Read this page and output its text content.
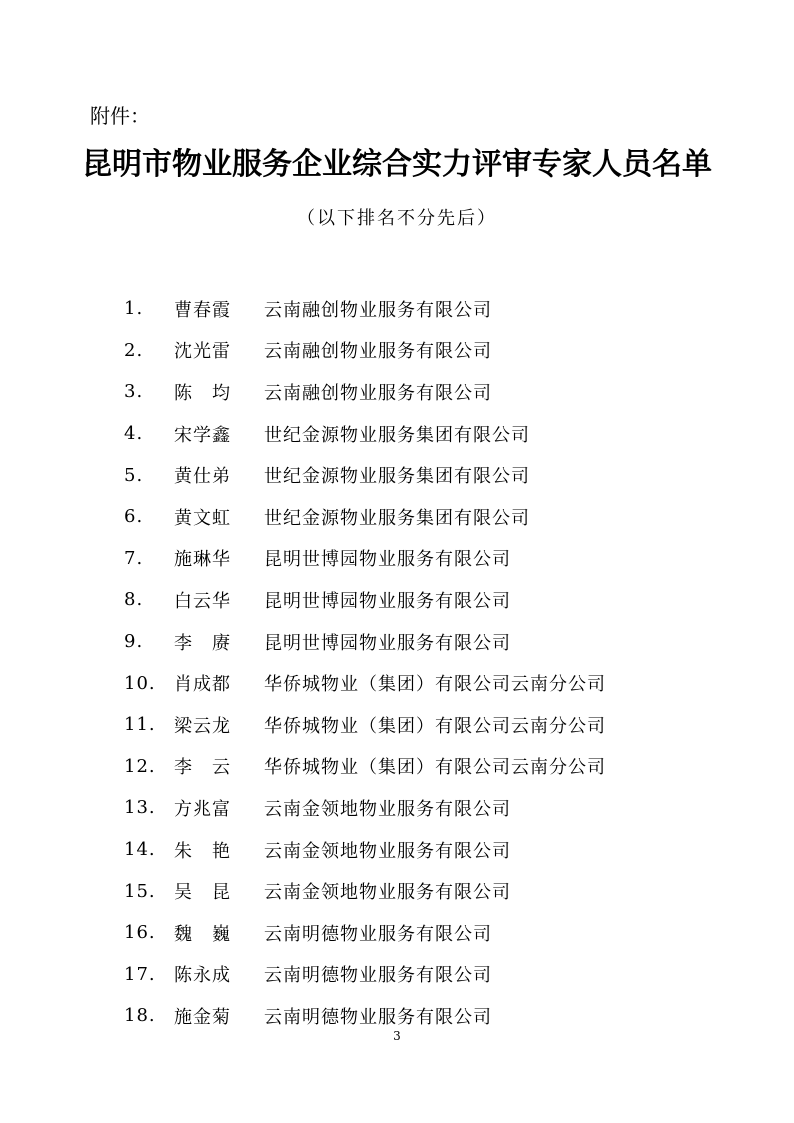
附件：
昆明市物业服务企业综合实力评审专家人员名单
（以下排名不分先后）
1.	曹春霞	云南融创物业服务有限公司
2.	沈光雷	云南融创物业服务有限公司
3.	陈　均	云南融创物业服务有限公司
4.	宋学鑫	世纪金源物业服务集团有限公司
5.	黄仕弟	世纪金源物业服务集团有限公司
6.	黄文虹	世纪金源物业服务集团有限公司
7.	施琳华	昆明世博园物业服务有限公司
8.	白云华	昆明世博园物业服务有限公司
9.	李　赓	昆明世博园物业服务有限公司
10.	肖成都	华侨城物业（集团）有限公司云南分公司
11.	梁云龙	华侨城物业（集团）有限公司云南分公司
12.	李　云	华侨城物业（集团）有限公司云南分公司
13.	方兆富	云南金领地物业服务有限公司
14.	朱　艳	云南金领地物业服务有限公司
15.	吴　昆	云南金领地物业服务有限公司
16.	魏　巍	云南明德物业服务有限公司
17.	陈永成	云南明德物业服务有限公司
18.	施金菊	云南明德物业服务有限公司
3
